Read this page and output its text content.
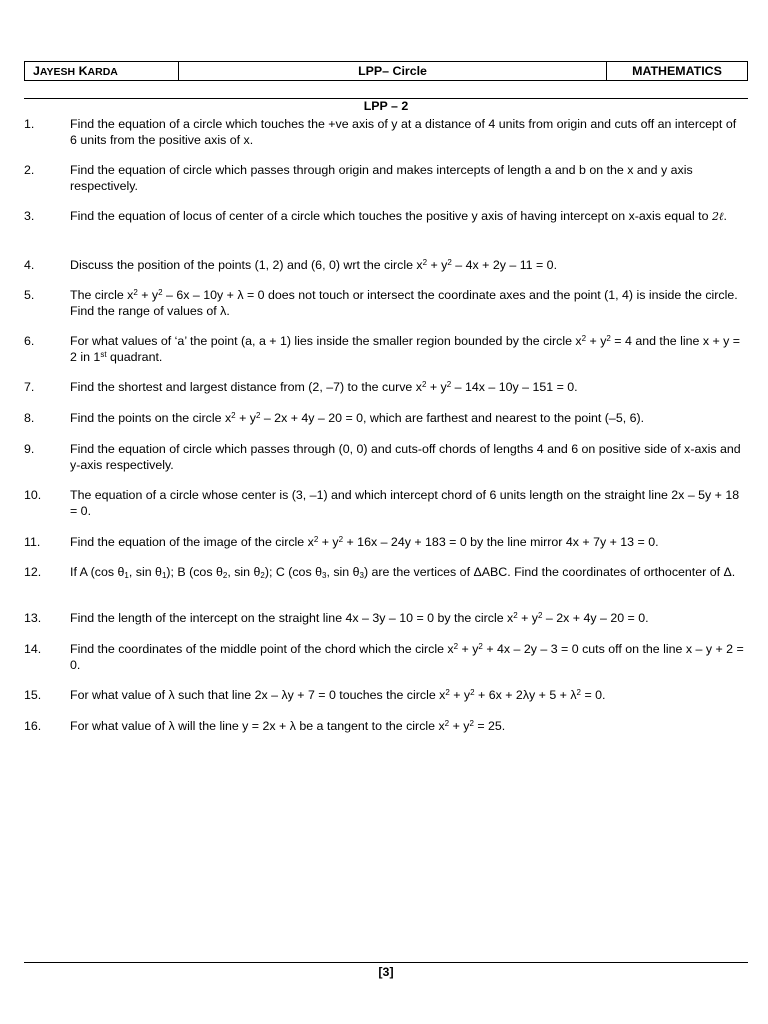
JAYESH KARDA	LPP– Circle	MATHEMATICS
LPP – 2
1.	Find the equation of a circle which touches the +ve axis of y at a distance of 4 units from origin and cuts off an intercept of 6 units from the positive axis of x.
2.	Find the equation of circle which passes through origin and makes intercepts of length a and b on the x and y axis respectively.
3.	Find the equation of locus of center of a circle which touches the positive y axis of having intercept on x-axis equal to 2ℓ.
4.	Discuss the position of the points (1, 2) and (6, 0) wrt the circle $x^2 + y^2 - 4x + 2y - 11 = 0$.
5.	The circle $x^2 + y^2 - 6x - 10y + \lambda = 0$ does not touch or intersect the coordinate axes and the point (1, 4) is inside the circle. Find the range of values of λ.
6.	For what values of ‘a’ the point (a, a + 1) lies inside the smaller region bounded by the circle $x^2 + y^2 = 4$ and the line x + y = 2 in 1st quadrant.
7.	Find the shortest and largest distance from (2, –7) to the curve $x^2 + y^2 - 14x - 10y - 151 = 0$.
8.	Find the points on the circle $x^2 + y^2 - 2x + 4y - 20 = 0$, which are farthest and nearest to the point (–5, 6).
9.	Find the equation of circle which passes through (0, 0) and cuts-off chords of lengths 4 and 6 on positive side of x-axis and y-axis respectively.
10. The equation of a circle whose center is (3, –1) and which intercept chord of 6 units length on the straight line 2x – 5y + 18 = 0.
11. Find the equation of the image of the circle $x^2 + y^2 + 16x - 24y + 183 = 0$ by the line mirror 4x + 7y + 13 = 0.
12. If A (cos $\theta_1$, $\sin \theta_1$); B (cos $\theta_2$, $\sin \theta_2$); C (cos $\theta_3$, $\sin \theta_3$) are the vertices of ΔABC. Find the coordinates of orthocenter of Δ.
13. Find the length of the intercept on the straight line 4x – 3y – 10 = 0 by the circle $x^2 + y^2 - 2x + 4y - 20 = 0$.
14. Find the coordinates of the middle point of the chord which the circle $x^2 + y^2 + 4x - 2y - 3 = 0$ cuts off on the line x – y + 2 = 0.
15. For what value of λ such that line 2x – λy + 7 = 0 touches the circle $x^2 + y^2 + 6x + 2\lambda y + 5 + \lambda^2 = 0$.
16. For what value of λ will the line y = 2x + λ be a tangent to the circle $x^2 + y^2 = 25$.
[3]
